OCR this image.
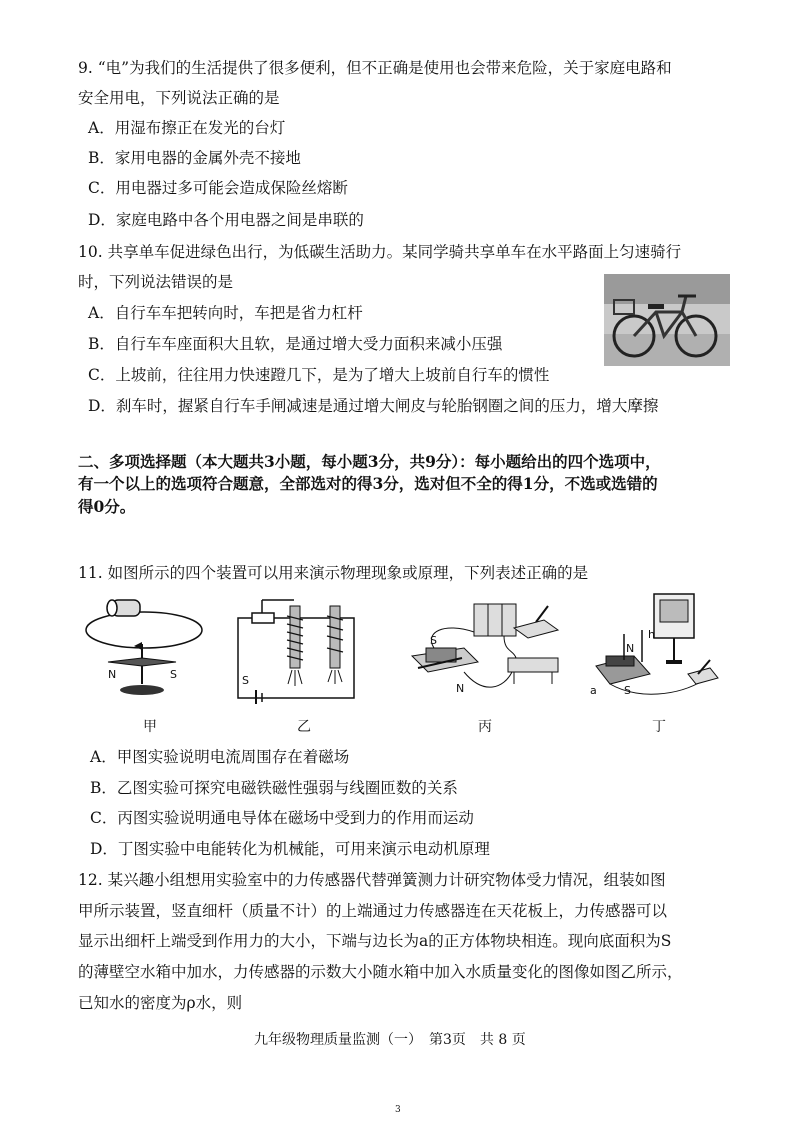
9. “电”为我们的生活提供了很多便利，但不正确是使用也会带来危险，关于家庭电路和
安全用电，下列说法正确的是
A．用湿布擦正在发光的台灯
B．家用电器的金属外壳不接地
C．用电器过多可能会造成保险丝熔断
D．家庭电路中各个用电器之间是串联的
10. 共享单车促进绿色出行，为低碳生活助力。某同学骑共享单车在水平路面上匀速骑行
时，下列说法错误的是
A．自行车车把转向时，车把是省力杠杆
B．自行车车座面积大且软，是通过增大受力面积来减小压强
C．上坡前，往往用力快速蹬几下，是为了增大上坡前自行车的惯性
D．刹车时，握紧自行车手闸减速是通过增大闸皮与轮胎钢圈之间的压力，增大摩擦
二、多项选择题（本大题共3小题，每小题3分，共9分）：每小题给出的四个选项中，
有一个以上的选项符合题意，全部选对的得3分，选对但不全的得1分，不选或选错的
得0分。
11. 如图所示的四个装置可以用来演示物理现象或原理，下列表述正确的是
N	S
甲
S
乙
S
N
丙
N
h
a S
丁
A．甲图实验说明电流周围存在着磁场
B．乙图实验可探究电磁铁磁性强弱与线圈匝数的关系
C．丙图实验说明通电导体在磁场中受到力的作用而运动
D．丁图实验中电能转化为机械能，可用来演示电动机原理
12. 某兴趣小组想用实验室中的力传感器代替弹簧测力计研究物体受力情况，组装如图
甲所示装置，竖直细杆（质量不计）的上端通过力传感器连在天花板上，力传感器可以
显示出细杆上端受到作用力的大小，下端与边长为a的正方体物块相连。现向底面积为S
的薄壁空水箱中加水，力传感器的示数大小随水箱中加入水质量变化的图像如图乙所示，
已知水的密度为ρ水，则
九年级物理质量监测（一）　第3页　共 8 页
3
